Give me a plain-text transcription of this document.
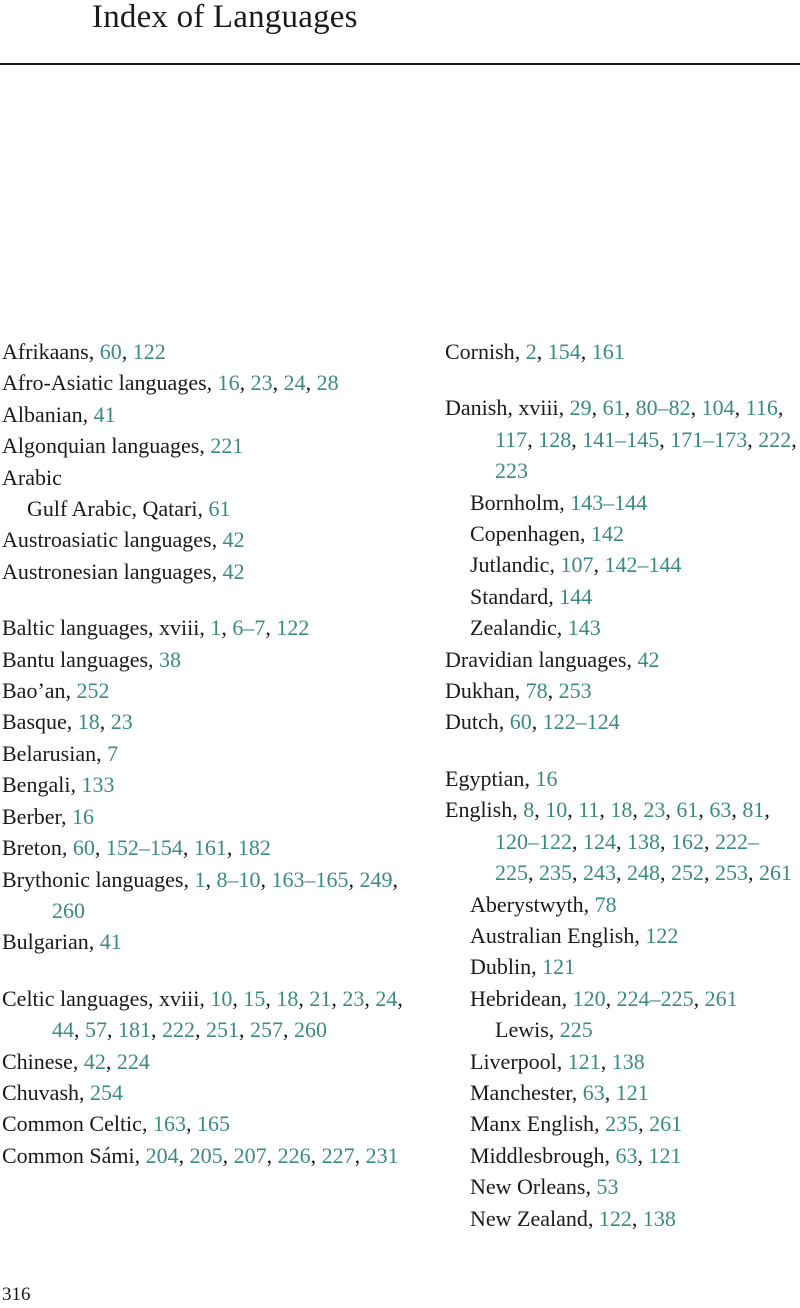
Index of Languages
Afrikaans, 60, 122
Afro-Asiatic languages, 16, 23, 24, 28
Albanian, 41
Algonquian languages, 221
Arabic
Gulf Arabic, Qatari, 61
Austroasiatic languages, 42
Austronesian languages, 42
Baltic languages, xviii, 1, 6–7, 122
Bantu languages, 38
Bao’an, 252
Basque, 18, 23
Belarusian, 7
Bengali, 133
Berber, 16
Breton, 60, 152–154, 161, 182
Brythonic languages, 1, 8–10, 163–165, 249, 260
Bulgarian, 41
Celtic languages, xviii, 10, 15, 18, 21, 23, 24, 44, 57, 181, 222, 251, 257, 260
Chinese, 42, 224
Chuvash, 254
Common Celtic, 163, 165
Common Sámi, 204, 205, 207, 226, 227, 231
Cornish, 2, 154, 161
Danish, xviii, 29, 61, 80–82, 104, 116, 117, 128, 141–145, 171–173, 222, 223
Bornholm, 143–144
Copenhagen, 142
Jutlandic, 107, 142–144
Standard, 144
Zealandic, 143
Dravidian languages, 42
Dukhan, 78, 253
Dutch, 60, 122–124
Egyptian, 16
English, 8, 10, 11, 18, 23, 61, 63, 81, 120–122, 124, 138, 162, 222–225, 235, 243, 248, 252, 253, 261
Aberystwyth, 78
Australian English, 122
Dublin, 121
Hebridean, 120, 224–225, 261
Lewis, 225
Liverpool, 121, 138
Manchester, 63, 121
Manx English, 235, 261
Middlesbrough, 63, 121
New Orleans, 53
New Zealand, 122, 138
316
